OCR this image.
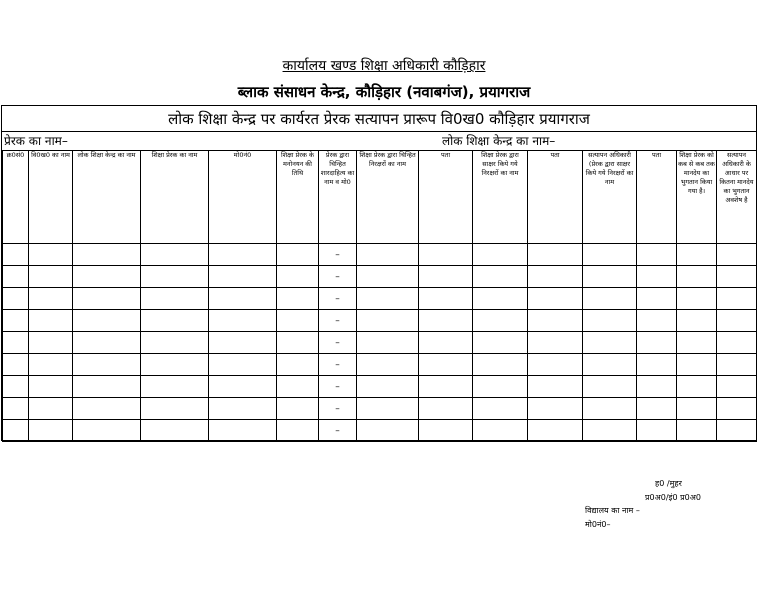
कार्यालय खण्ड शिक्षा अधिकारी कौड़िहार
ब्लाक संसाधन केन्द्र, कौड़िहार (नवाबगंज), प्रयागराज
लोक शिक्षा केन्द्र पर कार्यरत प्रेरक सत्यापन प्रारूप वि0ख0 कौड़िहार प्रयागराज
प्रेरक का नाम–	लोक शिक्षा केन्द्र का नाम–
क्र0सं0	वि0ख0 का नाम	लोक शिक्षा केन्द्र का नाम	शिक्षा प्रेरक का नाम	मो0नं0	शिक्षा प्रेरक के मनोनयन की तिथि	प्रेरक द्वारा चिन्हित शारदाहित्य का नाम व मो0	शिक्षा प्रेरक द्वारा चिन्हित निरक्षरों का नाम	पता	शिक्षा प्रेरक द्वारा साक्षर किये गये निरक्षरों का नाम	पता	सत्यापन अधिकारी (प्रेरक द्वारा साक्षर किये गये निरक्षरों का नाम	पता	शिक्षा प्रेरक को कब से कब तक मानदेय का भुगतान किया गया है।	सत्यापन अधिकारी के आधार पर कितना मानदेय का भुगतान अवशेष है
						–								
						–								
						–								
						–								
						–								
						–								
						–								
						–								
						–								
ह0 /मुहर
प्र0अ0/इं0 प्र0अ0
विद्यालय का नाम –
मो0नं0–
